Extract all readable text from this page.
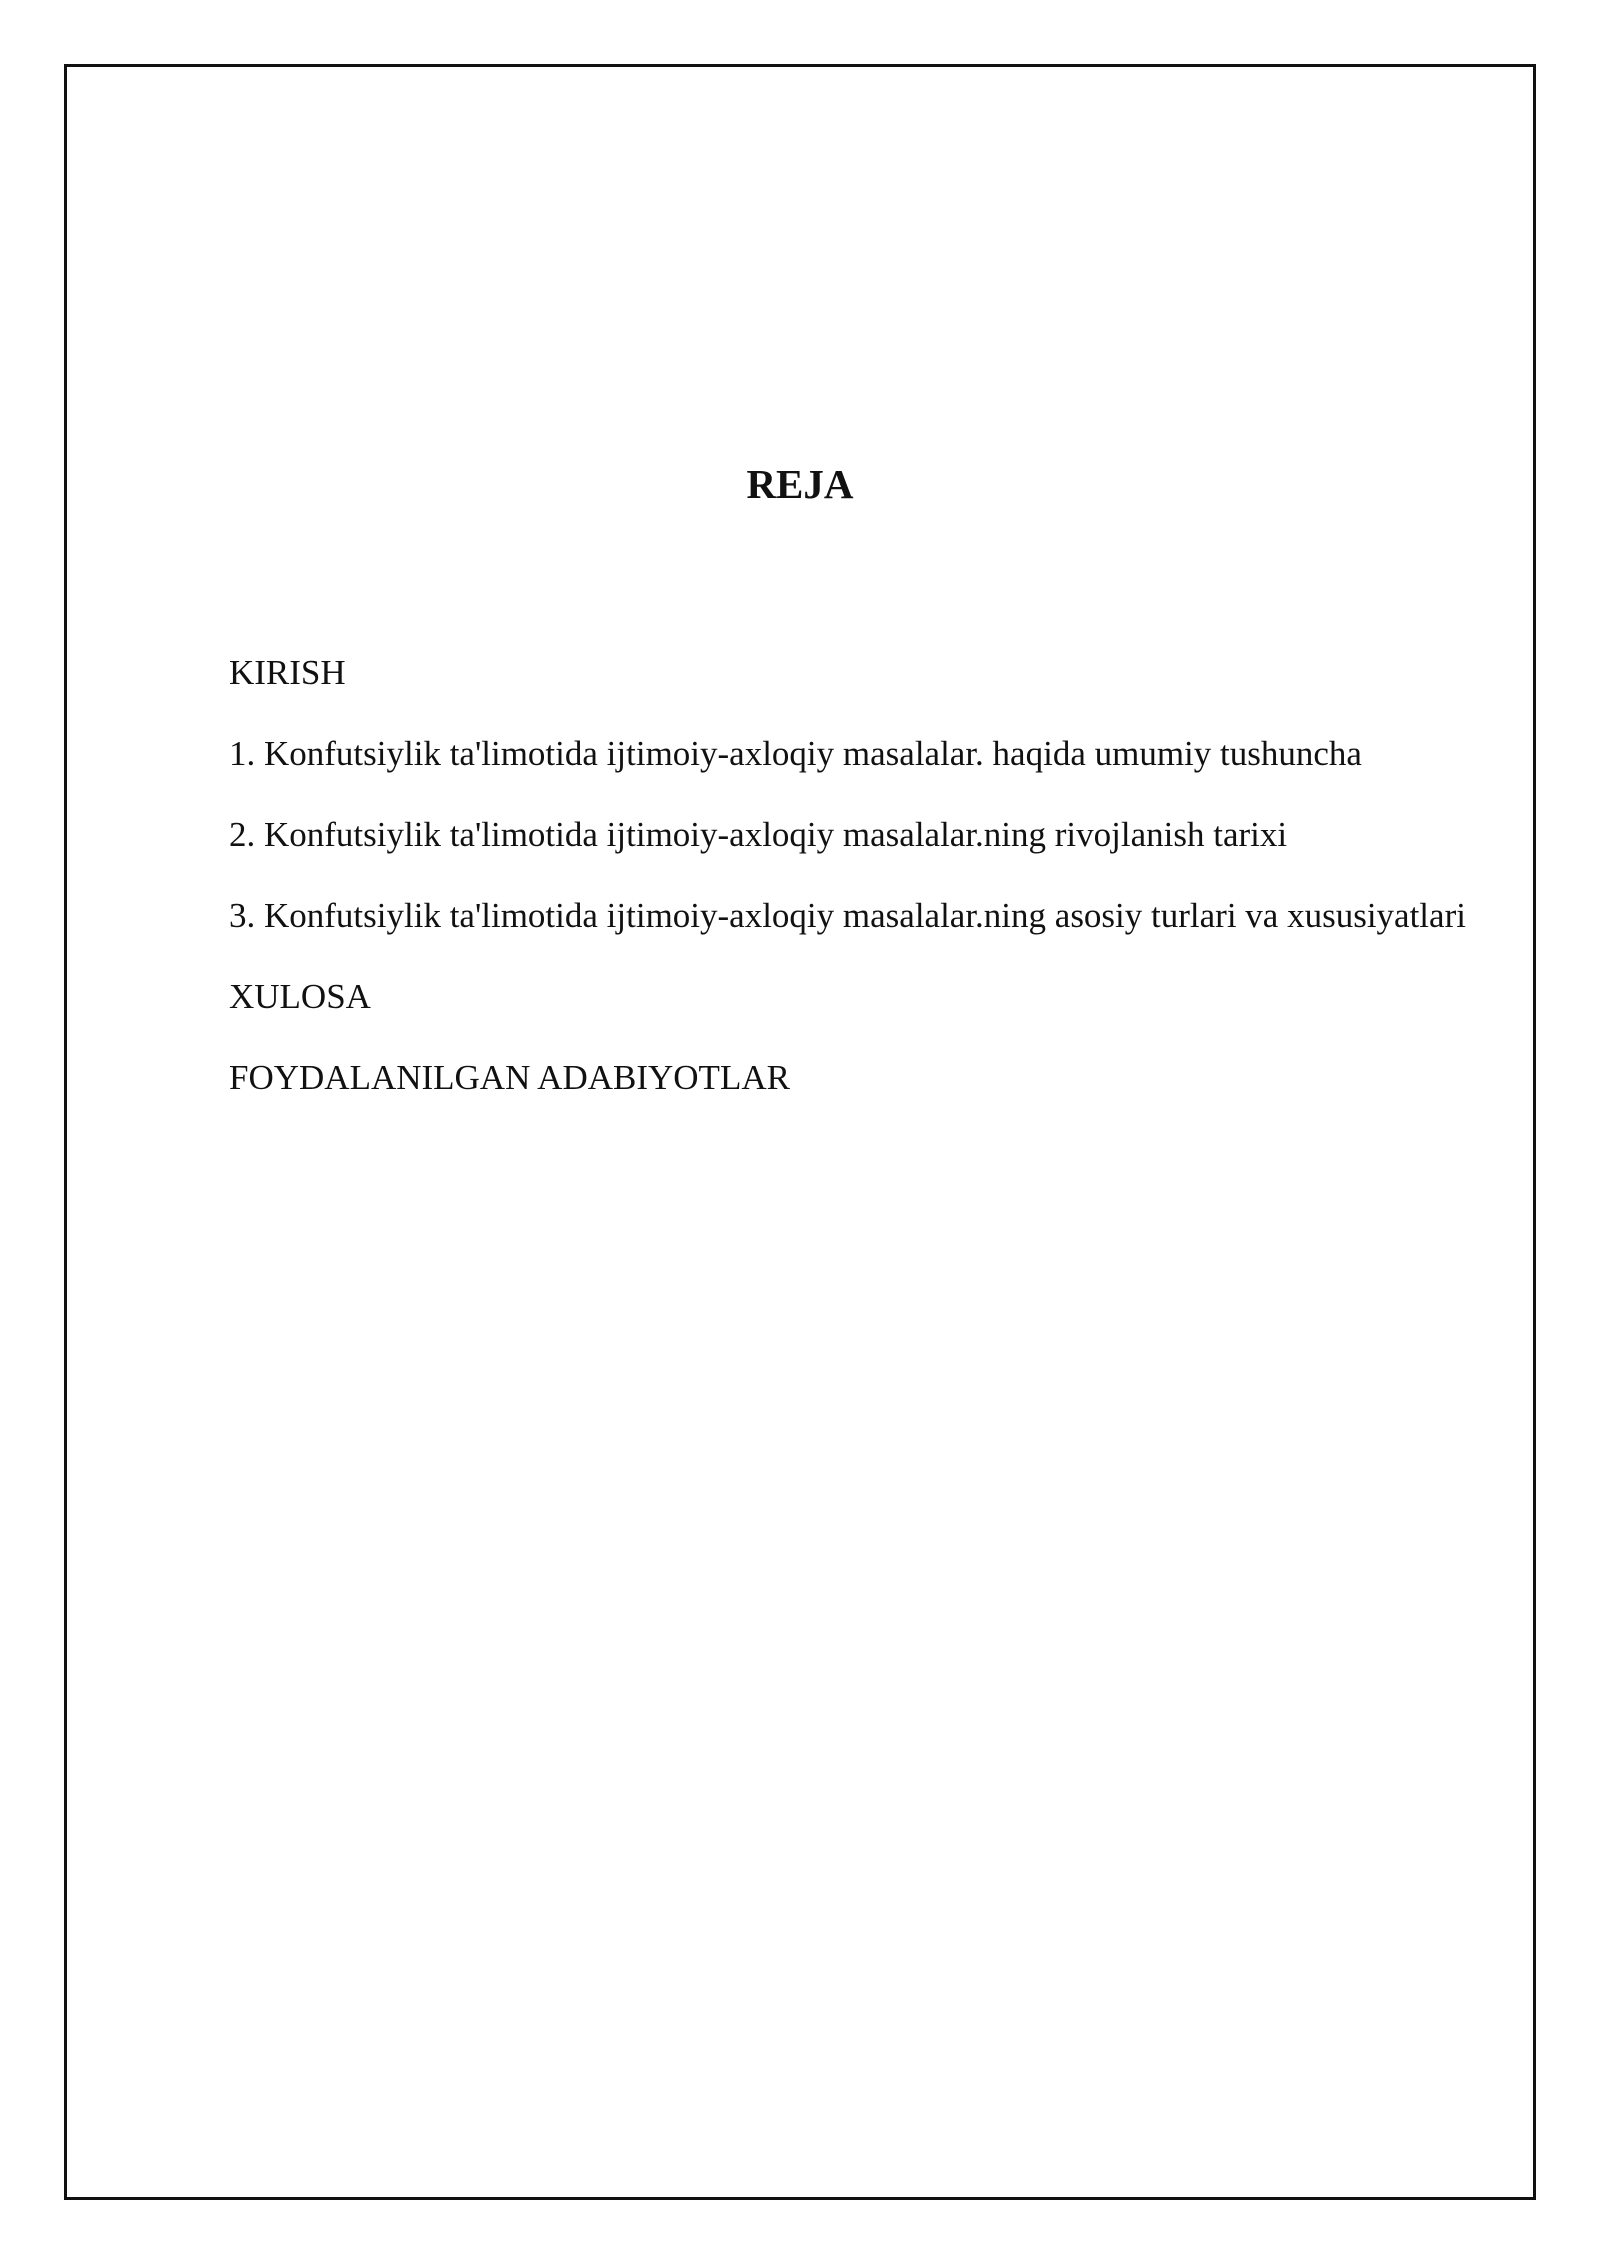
REJA
KIRISH
1. Konfutsiylik ta'limotida ijtimoiy-axloqiy masalalar. haqida umumiy tushuncha
2. Konfutsiylik ta'limotida ijtimoiy-axloqiy masalalar.ning rivojlanish tarixi
3. Konfutsiylik ta'limotida ijtimoiy-axloqiy masalalar.ning asosiy turlari va xususiyatlari
XULOSA
FOYDALANILGAN ADABIYOTLAR
